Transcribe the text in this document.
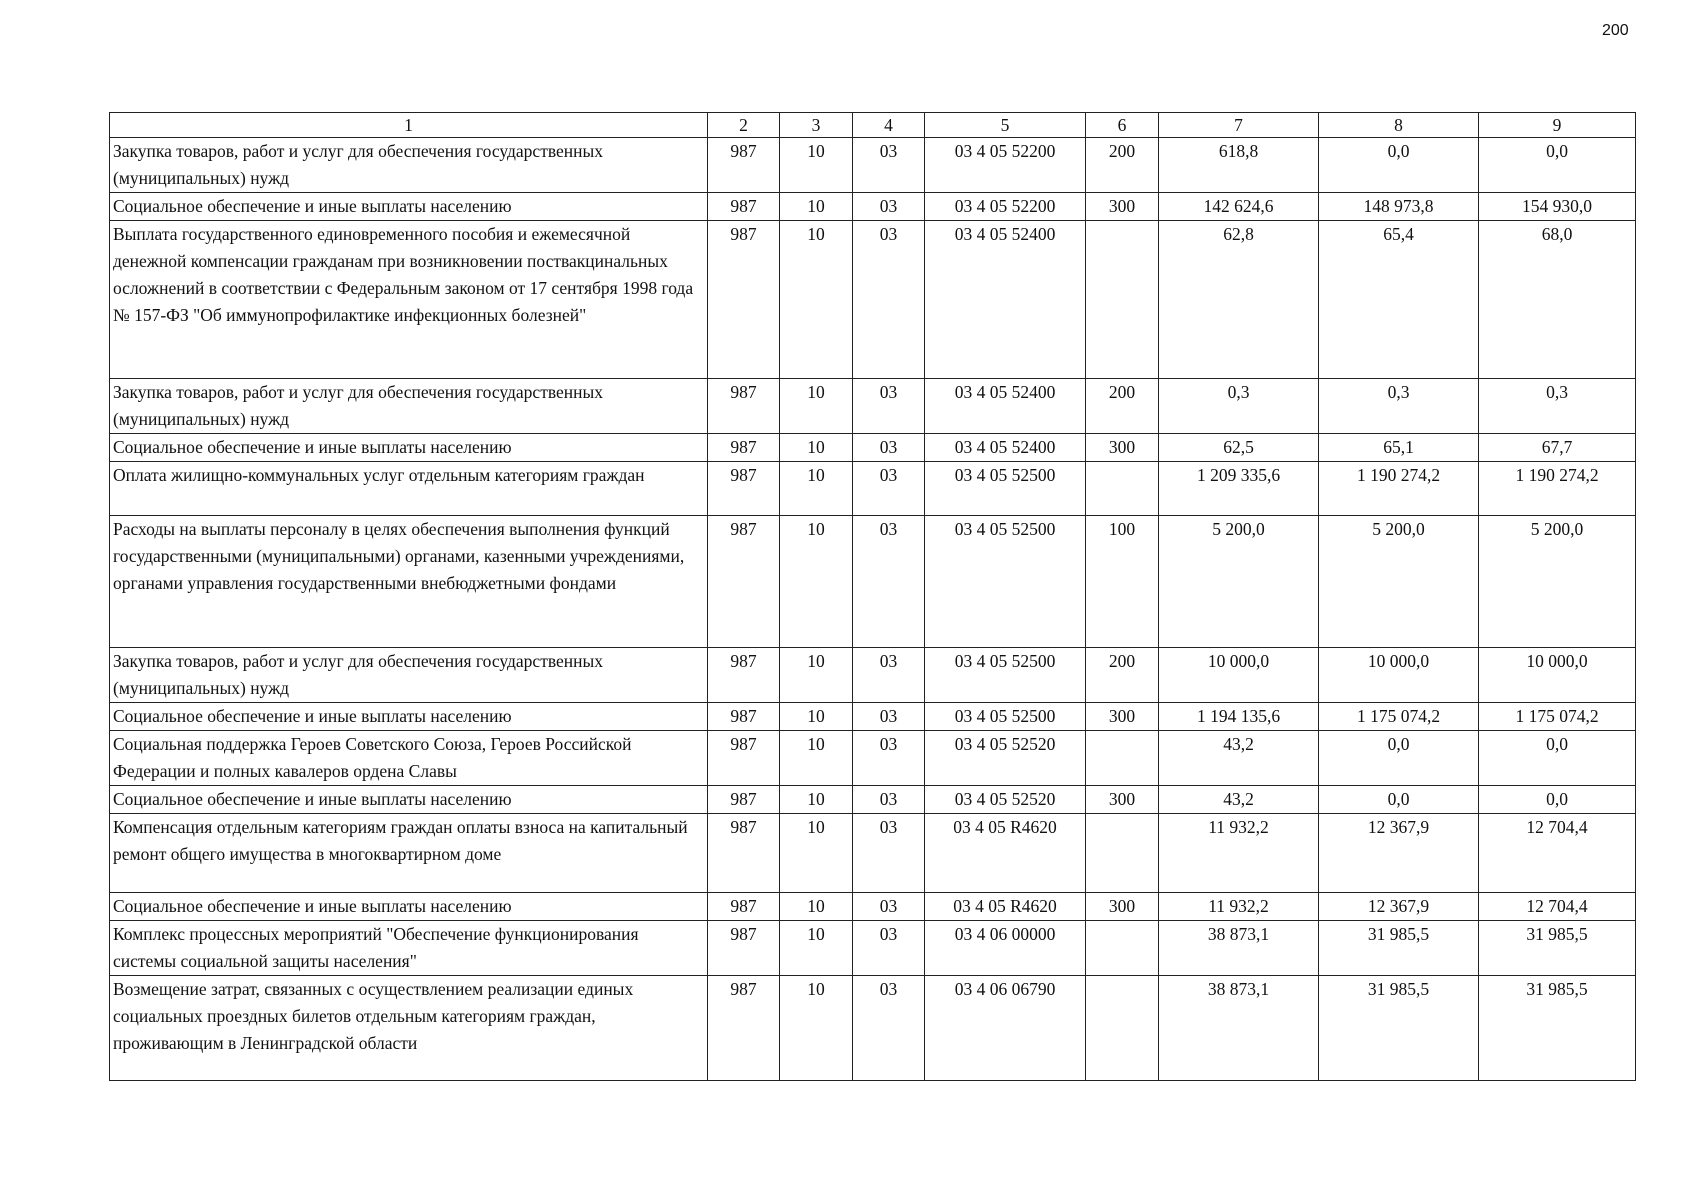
200
1	2	3	4	5	6	7	8	9
Закупка товаров, работ и услуг для обеспечения государственных (муниципальных) нужд	987	10	03	03 4 05 52200	200	618,8	0,0	0,0
Социальное обеспечение и иные выплаты населению	987	10	03	03 4 05 52200	300	142 624,6	148 973,8	154 930,0
Выплата государственного единовременного пособия и ежемесячной денежной компенсации гражданам при возникновении поствакцинальных осложнений в соответствии с Федеральным законом от 17 сентября 1998 года № 157-ФЗ "Об иммунопрофилактике инфекционных болезней"	987	10	03	03 4 05 52400		62,8	65,4	68,0
Закупка товаров, работ и услуг для обеспечения государственных (муниципальных) нужд	987	10	03	03 4 05 52400	200	0,3	0,3	0,3
Социальное обеспечение и иные выплаты населению	987	10	03	03 4 05 52400	300	62,5	65,1	67,7
Оплата жилищно-коммунальных услуг отдельным категориям граждан	987	10	03	03 4 05 52500		1 209 335,6	1 190 274,2	1 190 274,2
Расходы на выплаты персоналу в целях обеспечения выполнения функций государственными (муниципальными) органами, казенными учреждениями, органами управления государственными внебюджетными фондами	987	10	03	03 4 05 52500	100	5 200,0	5 200,0	5 200,0
Закупка товаров, работ и услуг для обеспечения государственных (муниципальных) нужд	987	10	03	03 4 05 52500	200	10 000,0	10 000,0	10 000,0
Социальное обеспечение и иные выплаты населению	987	10	03	03 4 05 52500	300	1 194 135,6	1 175 074,2	1 175 074,2
Социальная поддержка Героев Советского Союза, Героев Российской Федерации и полных кавалеров ордена Славы	987	10	03	03 4 05 52520		43,2	0,0	0,0
Социальное обеспечение и иные выплаты населению	987	10	03	03 4 05 52520	300	43,2	0,0	0,0
Компенсация отдельным категориям граждан оплаты взноса на капитальный ремонт общего имущества в многоквартирном доме	987	10	03	03 4 05 R4620		11 932,2	12 367,9	12 704,4
Социальное обеспечение и иные выплаты населению	987	10	03	03 4 05 R4620	300	11 932,2	12 367,9	12 704,4
Комплекс процессных мероприятий "Обеспечение функционирования системы социальной защиты населения"	987	10	03	03 4 06 00000		38 873,1	31 985,5	31 985,5
Возмещение затрат, связанных с осуществлением реализации единых социальных проездных билетов отдельным категориям граждан, проживающим в Ленинградской области	987	10	03	03 4 06 06790		38 873,1	31 985,5	31 985,5
